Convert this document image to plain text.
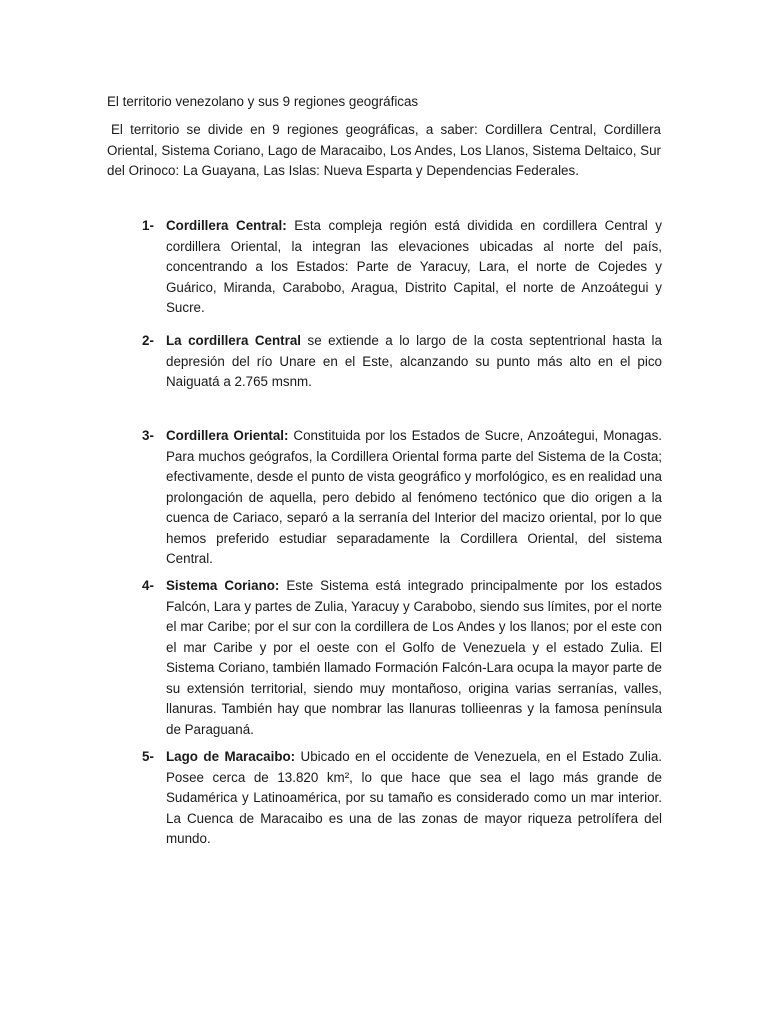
El territorio venezolano y sus 9 regiones geográficas
El territorio se divide en 9 regiones geográficas, a saber: Cordillera Central, Cordillera Oriental, Sistema Coriano, Lago de Maracaibo, Los Andes, Los Llanos, Sistema Deltaico, Sur del Orinoco: La Guayana, Las Islas: Nueva Esparta y Dependencias Federales.
1- Cordillera Central: Esta compleja región está dividida en cordillera Central y cordillera Oriental, la integran las elevaciones ubicadas al norte del país, concentrando a los Estados: Parte de Yaracuy, Lara, el norte de Cojedes y Guárico, Miranda, Carabobo, Aragua, Distrito Capital, el norte de Anzoátegui y Sucre.
2- La cordillera Central se extiende a lo largo de la costa septentrional hasta la depresión del río Unare en el Este, alcanzando su punto más alto en el pico Naiguatá a 2.765 msnm.
3- Cordillera Oriental: Constituida por los Estados de Sucre, Anzoátegui, Monagas. Para muchos geógrafos, la Cordillera Oriental forma parte del Sistema de la Costa; efectivamente, desde el punto de vista geográfico y morfológico, es en realidad una prolongación de aquella, pero debido al fenómeno tectónico que dio origen a la cuenca de Cariaco, separó a la serranía del Interior del macizo oriental, por lo que hemos preferido estudiar separadamente la Cordillera Oriental, del sistema Central.
4- Sistema Coriano: Este Sistema está integrado principalmente por los estados Falcón, Lara y partes de Zulia, Yaracuy y Carabobo, siendo sus límites, por el norte el mar Caribe; por el sur con la cordillera de Los Andes y los llanos; por el este con el mar Caribe y por el oeste con el Golfo de Venezuela y el estado Zulia. El Sistema Coriano, también llamado Formación Falcón-Lara ocupa la mayor parte de su extensión territorial, siendo muy montañoso, origina varias serranías, valles, llanuras. También hay que nombrar las llanuras tollieenras y la famosa península de Paraguaná.
5- Lago de Maracaibo: Ubicado en el occidente de Venezuela, en el Estado Zulia. Posee cerca de 13.820 km², lo que hace que sea el lago más grande de Sudamérica y Latinoamérica, por su tamaño es considerado como un mar interior. La Cuenca de Maracaibo es una de las zonas de mayor riqueza petrolífera del mundo.
